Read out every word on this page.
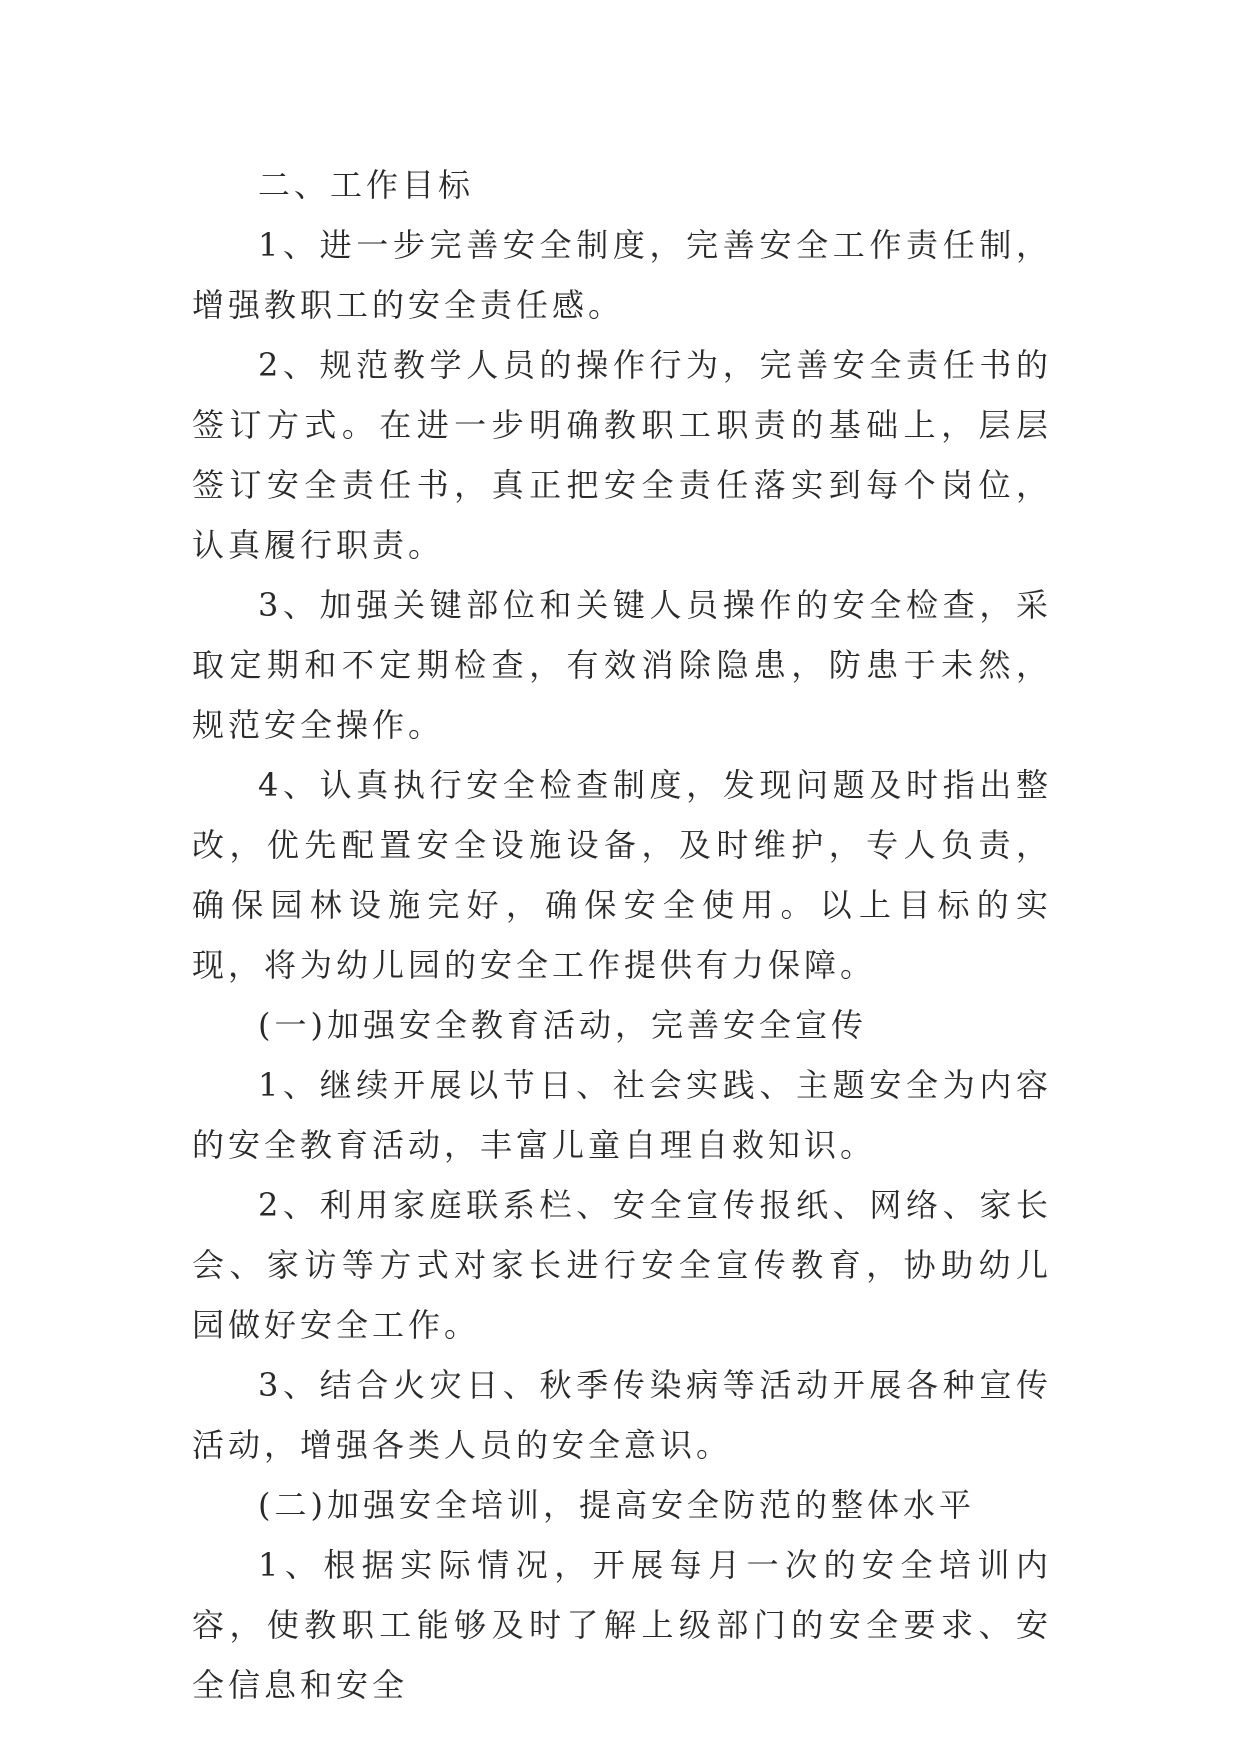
二、工作目标

1、进一步完善安全制度，完善安全工作责任制，增强教职工的安全责任感。

2、规范教学人员的操作行为，完善安全责任书的签订方式。在进一步明确教职工职责的基础上，层层签订安全责任书，真正把安全责任落实到每个岗位，认真履行职责。

3、加强关键部位和关键人员操作的安全检查，采取定期和不定期检查，有效消除隐患，防患于未然，规范安全操作。

4、认真执行安全检查制度，发现问题及时指出整改，优先配置安全设施设备，及时维护，专人负责，确保园林设施完好，确保安全使用。以上目标的实现，将为幼儿园的安全工作提供有力保障。

(一)加强安全教育活动，完善安全宣传

1、继续开展以节日、社会实践、主题安全为内容的安全教育活动，丰富儿童自理自救知识。

2、利用家庭联系栏、安全宣传报纸、网络、家长会、家访等方式对家长进行安全宣传教育，协助幼儿园做好安全工作。

3、结合火灾日、秋季传染病等活动开展各种宣传活动，增强各类人员的安全意识。

(二)加强安全培训，提高安全防范的整体水平

1、根据实际情况，开展每月一次的安全培训内容，使教职工能够及时了解上级部门的安全要求、安全信息和安全
